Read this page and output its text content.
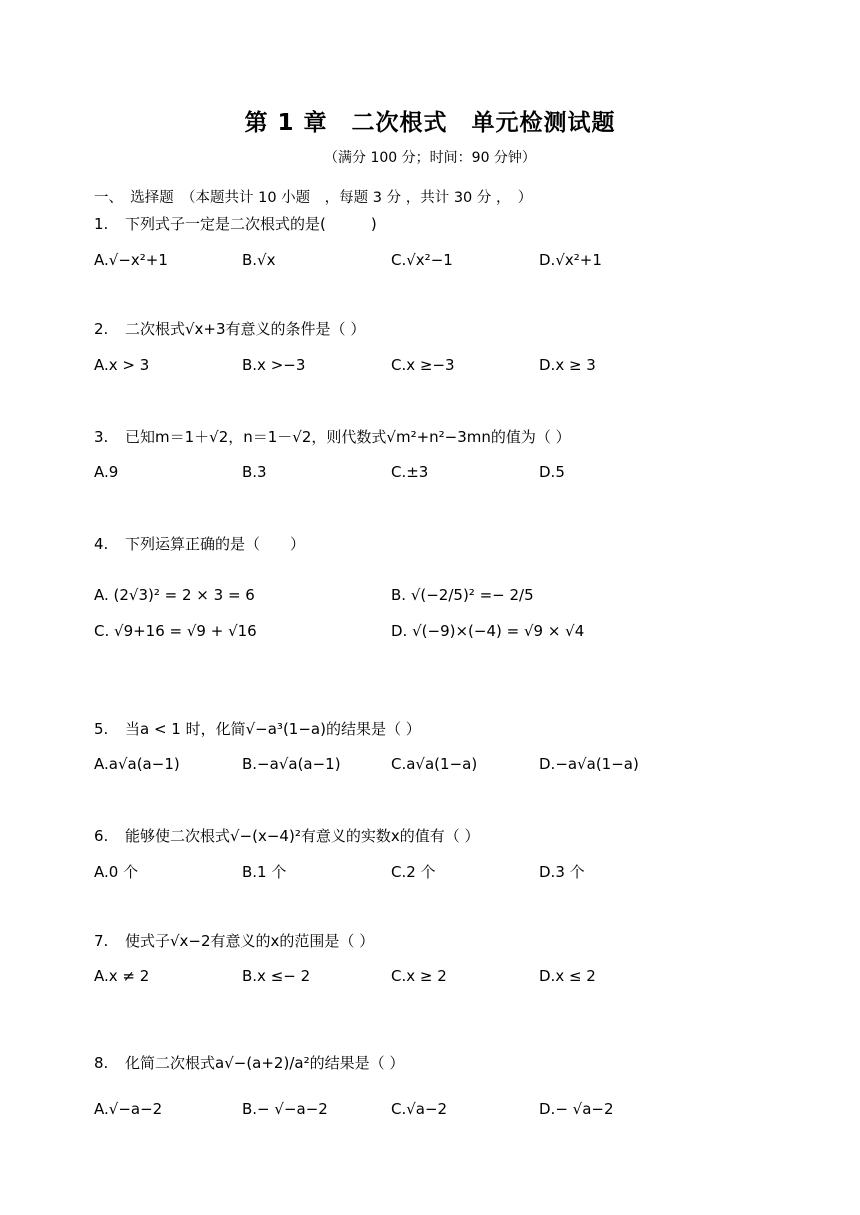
第 1 章　二次根式　单元检测试题
（满分 100 分；时间：90 分钟）
一、　选择题　（本题共计 10 小题　，每题 3 分 ，共计 30 分 ，　）
1. 下列式子一定是二次根式的是(　　　)
A.√−x²+1	B.√x	C.√x²−1	D.√x²+1
2. 二次根式√x+3有意义的条件是（ ）
A.x > 3	B.x >−3	C.x ≥−3	D.x ≥ 3
3. 已知m＝1＋√2，n＝1－√2，则代数式√m²+n²−3mn的值为（ ）
A.9	B.3	C.±3	D.5
4. 下列运算正确的是（　　）
A. (2√3)² = 2 × 3 = 6	B. √(−2/5)² =− 2/5
C. √9+16 = √9 + √16	D. √(−9)×(−4) = √9 × √4
5. 当a < 1 时，化简√−a³(1−a)的结果是（ ）
A.a√a(a−1)	B.−a√a(a−1)	C.a√a(1−a)	D.−a√a(1−a)
6. 能够使二次根式√−(x−4)²有意义的实数x的值有（ ）
A.0 个	B.1 个	C.2 个	D.3 个
7. 使式子√x−2有意义的x的范围是（ ）
A.x ≠ 2	B.x ≤− 2	C.x ≥ 2	D.x ≤ 2
8. 化简二次根式a√−(a+2)/a²的结果是（ ）
A.√−a−2	B.− √−a−2	C.√a−2	D.− √a−2
